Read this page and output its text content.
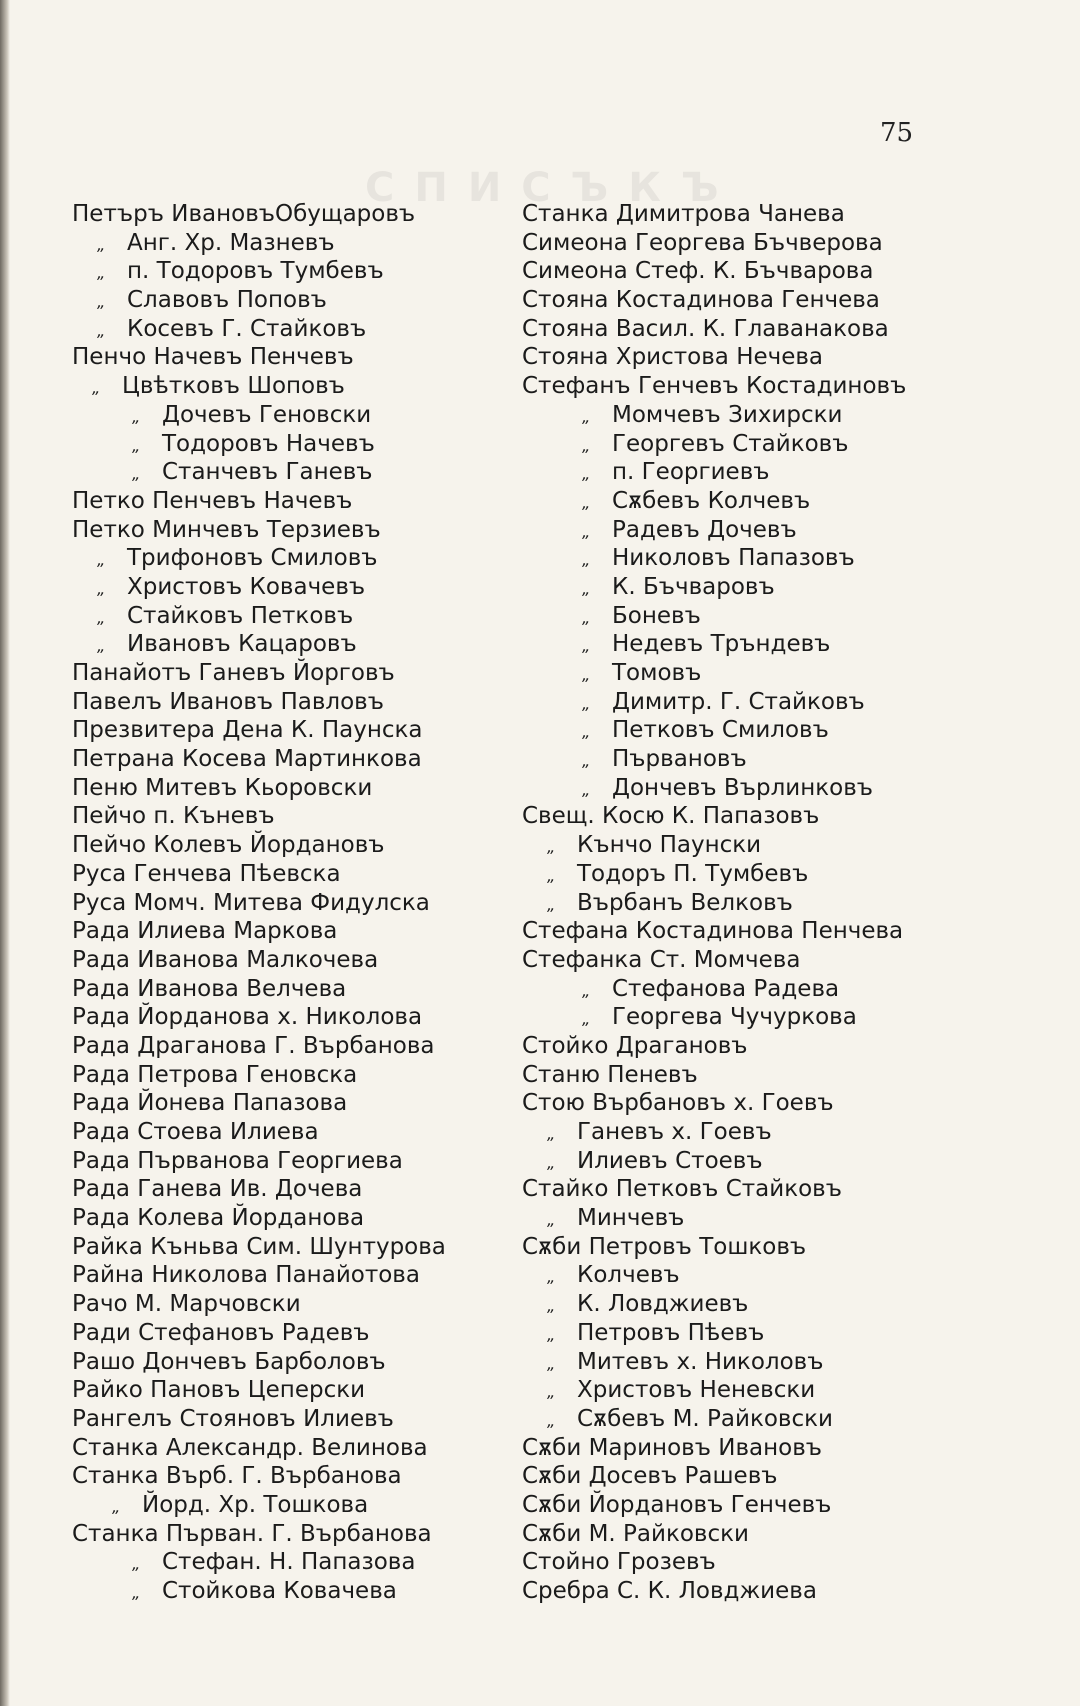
СПИСЪКЪ
75
Петъръ ИвановъОбущаровъ
„ Анг. Хр. Мазневъ
„ п. Тодоровъ Тумбевъ
„ Славовъ Поповъ
„ Косевъ Г. Стайковъ
Пенчо Начевъ Пенчевъ
„ Цвѣтковъ Шоповъ
„ Дочевъ Геновски
„ Тодоровъ Начевъ
„ Станчевъ Ганевъ
Петко Пенчевъ Начевъ
Петко Минчевъ Терзиевъ
„ Трифоновъ Смиловъ
„ Христовъ Ковачевъ
„ Стайковъ Петковъ
„ Ивановъ Кацаровъ
Панайотъ Ганевъ Йорговъ
Павелъ Ивановъ Павловъ
Презвитера Дена К. Паунска
Петрана Косева Мартинкова
Пеню Митевъ Кьоровски
Пейчо п. Къневъ
Пейчо Колевъ Йордановъ
Руса Генчева Пѣевска
Руса Момч. Митева Фидулска
Рада Илиева Маркова
Рада Иванова Малкочева
Рада Иванова Велчева
Рада Йорданова х. Николова
Рада Драганова Г. Върбанова
Рада Петрова Геновска
Рада Йонева Папазова
Рада Стоева Илиева
Рада Първанова Георгиева
Рада Ганева Ив. Дочева
Рада Колева Йорданова
Райка Къньва Сим. Шунтурова
Райна Николова Панайотова
Рачо М. Марчовски
Ради Стефановъ Радевъ
Рашо Дончевъ Барболовъ
Райко Пановъ Цеперски
Рангелъ Стояновъ Илиевъ
Станка Александр. Велинова
Станка Върб. Г. Върбанова
„ Йорд. Хр. Тошкова
Станка Първан. Г. Върбанова
„ Стефан. Н. Папазова
„ Стойкова Ковачева
Станка Димитрова Чанева
Симеона Георгева Бъчверова
Симеона Стеф. К. Бъчварова
Стояна Костадинова Генчева
Стояна Васил. К. Главанакова
Стояна Христова Нечева
Стефанъ Генчевъ Костадиновъ
„ Момчевъ Зихирски
„ Георгевъ Стайковъ
„ п. Георгиевъ
„ Сѫбевъ Колчевъ
„ Радевъ Дочевъ
„ Николовъ Папазовъ
„ К. Бъчваровъ
„ Боневъ
„ Недевъ Тръндевъ
„ Томовъ
„ Димитр. Г. Стайковъ
„ Петковъ Смиловъ
„ Първановъ
„ Дончевъ Върлинковъ
Свещ. Косю К. Папазовъ
„ Кънчо Паунски
„ Тодоръ П. Тумбевъ
„ Върбанъ Велковъ
Стефана Костадинова Пенчева
Стефанка Ст. Момчева
„ Стефанова Радева
„ Георгева Чучуркова
Стойко Драгановъ
Станю Пеневъ
Стою Върбановъ х. Гоевъ
„ Ганевъ х. Гоевъ
„ Илиевъ Стоевъ
Стайко Петковъ Стайковъ
„ Минчевъ
Сѫби Петровъ Тошковъ
„ Колчевъ
„ К. Ловджиевъ
„ Петровъ Пѣевъ
„ Митевъ х. Николовъ
„ Христовъ Неневски
„ Сѫбевъ М. Райковски
Сѫби Мариновъ Ивановъ
Сѫби Досевъ Рашевъ
Сѫби Йордановъ Генчевъ
Сѫби М. Райковски
Стойно Грозевъ
Сребра С. К. Ловджиева
